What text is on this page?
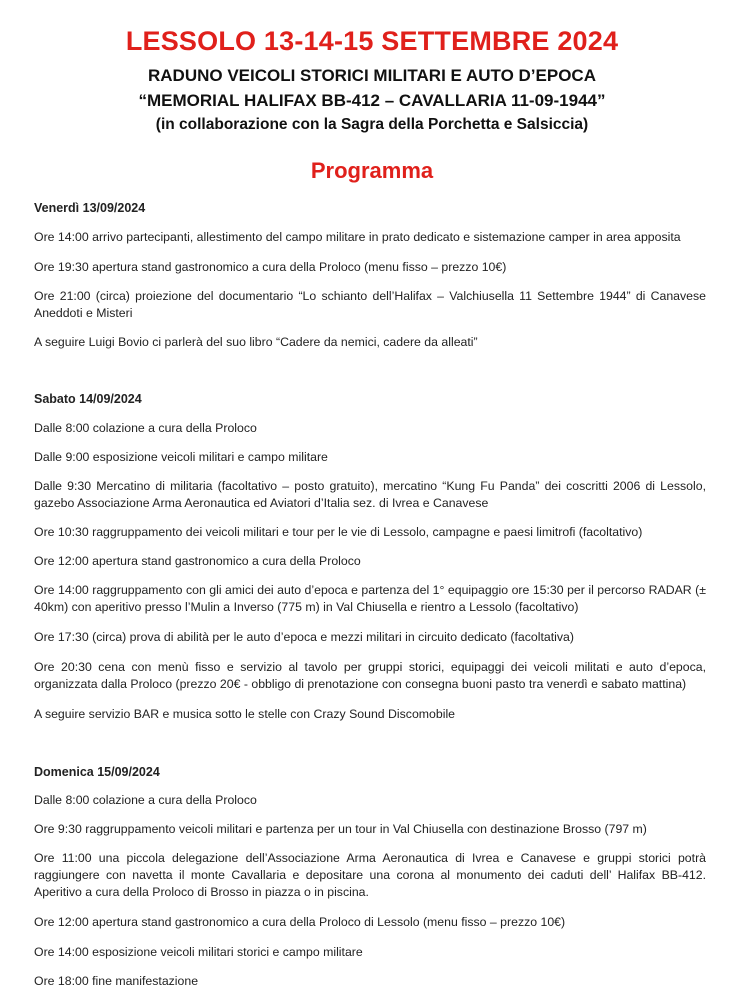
LESSOLO 13-14-15 SETTEMBRE 2024
RADUNO VEICOLI STORICI MILITARI E AUTO D’EPOCA
“MEMORIAL HALIFAX BB-412 – CAVALLARIA 11-09-1944”
(in collaborazione con la Sagra della Porchetta e Salsiccia)
Programma
Venerdì 13/09/2024
Ore 14:00 arrivo partecipanti, allestimento del campo militare in prato dedicato e sistemazione camper in area apposita
Ore 19:30 apertura stand gastronomico a cura della Proloco (menu fisso – prezzo 10€)
Ore 21:00 (circa) proiezione del documentario “Lo schianto dell’Halifax – Valchiusella 11 Settembre 1944” di Canavese Aneddoti e Misteri
A seguire Luigi Bovio ci parlerà del suo libro “Cadere da nemici, cadere da alleati”
Sabato 14/09/2024
Dalle 8:00 colazione a cura della Proloco
Dalle 9:00 esposizione veicoli militari e campo militare
Dalle 9:30 Mercatino di militaria (facoltativo – posto gratuito), mercatino “Kung Fu Panda” dei coscritti 2006 di Lessolo, gazebo Associazione Arma Aeronautica ed Aviatori d’Italia sez. di Ivrea e Canavese
Ore 10:30 raggruppamento dei veicoli militari e tour per le vie di Lessolo, campagne e paesi limitrofi (facoltativo)
Ore 12:00 apertura stand gastronomico a cura della Proloco
Ore 14:00 raggruppamento con gli amici dei auto d’epoca e partenza del 1° equipaggio ore 15:30 per il percorso RADAR (± 40km) con aperitivo presso l’Mulin a Inverso (775 m) in Val Chiusella e rientro a Lessolo (facoltativo)
Ore 17:30 (circa) prova di abilità per le auto d’epoca e mezzi militari in circuito dedicato (facoltativa)
Ore 20:30 cena con menù fisso e servizio al tavolo per gruppi storici, equipaggi dei veicoli militati e auto d’epoca, organizzata dalla Proloco (prezzo 20€ - obbligo di prenotazione con consegna buoni pasto tra venerdì e sabato mattina)
A seguire servizio BAR e musica sotto le stelle con Crazy Sound Discomobile
Domenica 15/09/2024
Dalle 8:00 colazione a cura della Proloco
Ore 9:30 raggruppamento veicoli militari e partenza per un tour in Val Chiusella con destinazione Brosso (797 m)
Ore 11:00 una piccola delegazione dell’Associazione Arma Aeronautica di Ivrea e Canavese e gruppi storici potrà raggiungere con navetta il monte Cavallaria e depositare una corona al monumento dei caduti dell’ Halifax BB-412. Aperitivo a cura della Proloco di Brosso in piazza o in piscina.
Ore 12:00 apertura stand gastronomico a cura della Proloco di Lessolo (menu fisso – prezzo 10€)
Ore 14:00 esposizione veicoli militari storici e campo militare
Ore 18:00 fine manifestazione
